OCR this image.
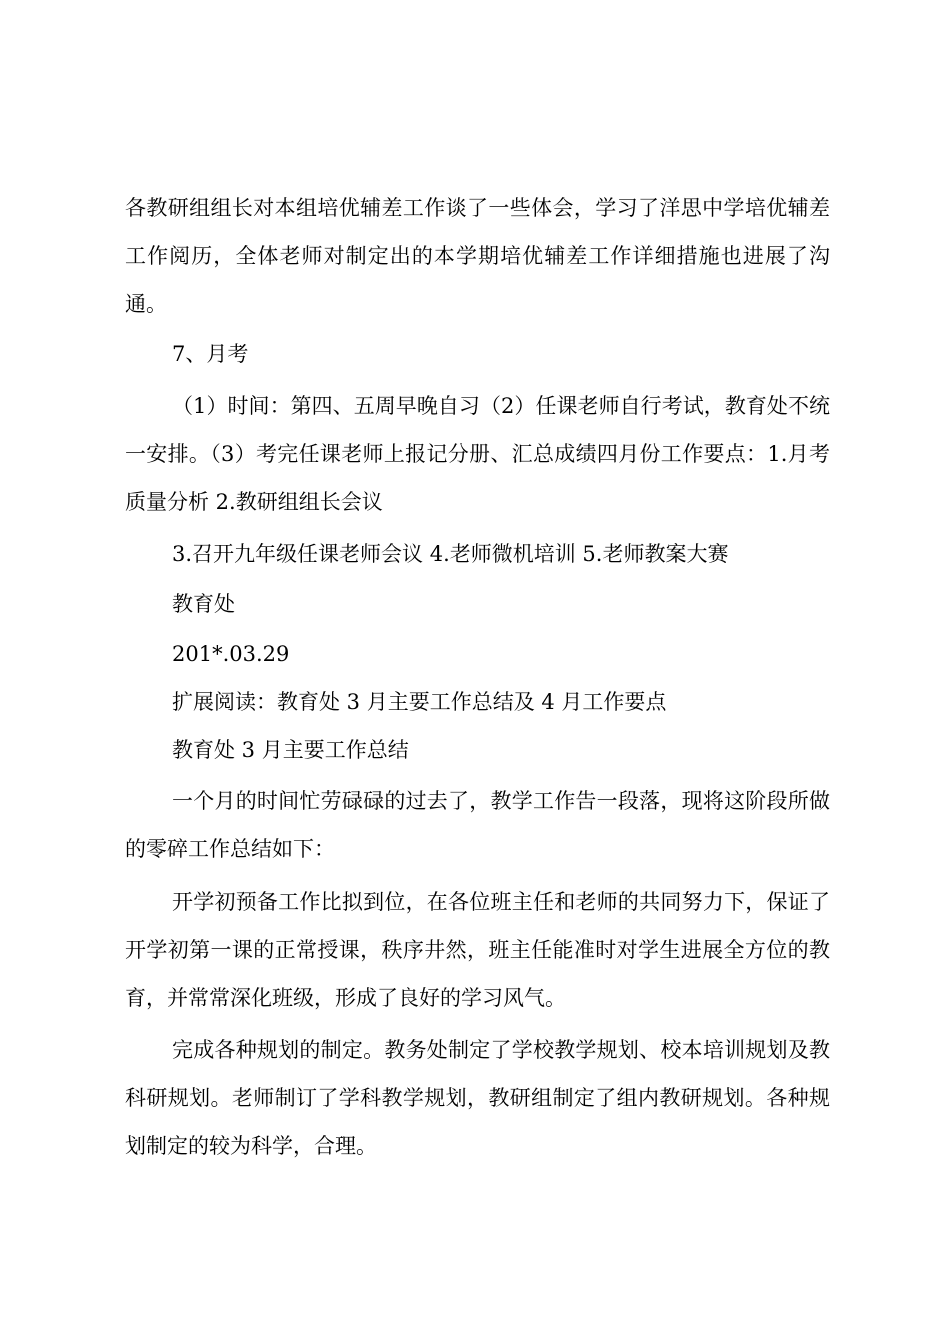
各教研组组长对本组培优辅差工作谈了一些体会，学习了洋思中学培优辅差工作阅历，全体老师对制定出的本学期培优辅差工作详细措施也进展了沟通。

7、月考

（1）时间：第四、五周早晚自习（2）任课老师自行考试，教育处不统一安排。（3）考完任课老师上报记分册、汇总成绩四月份工作要点：1.月考质量分析 2.教研组组长会议

3.召开九年级任课老师会议 4.老师微机培训 5.老师教案大赛

教育处

201*.03.29

扩展阅读：教育处 3 月主要工作总结及 4 月工作要点

教育处 3 月主要工作总结

一个月的时间忙劳碌碌的过去了，教学工作告一段落，现将这阶段所做的零碎工作总结如下：

开学初预备工作比拟到位，在各位班主任和老师的共同努力下，保证了开学初第一课的正常授课，秩序井然，班主任能准时对学生进展全方位的教育，并常常深化班级，形成了良好的学习风气。

完成各种规划的制定。教务处制定了学校教学规划、校本培训规划及教科研规划。老师制订了学科教学规划，教研组制定了组内教研规划。各种规划制定的较为科学，合理。
